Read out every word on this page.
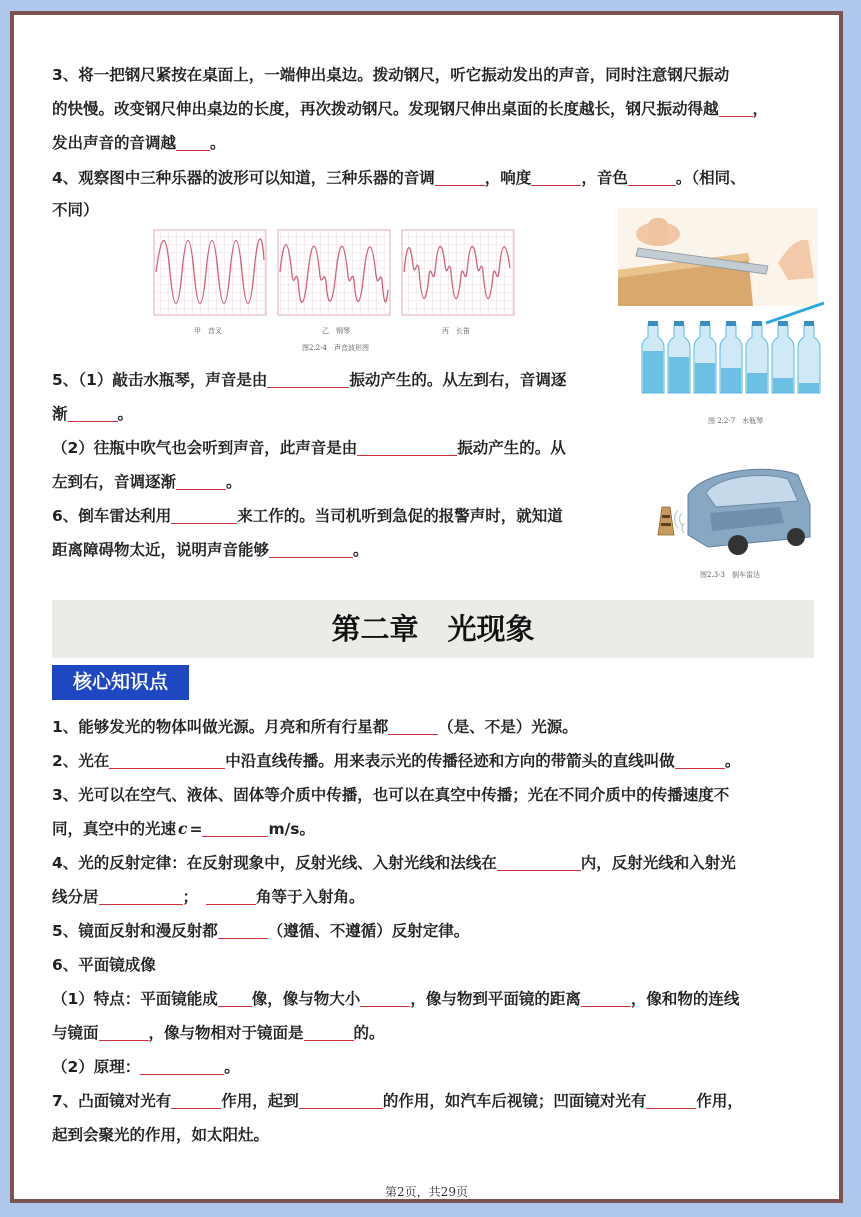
3、将一把钢尺紧按在桌面上，一端伸出桌边。拨动钢尺，听它振动发出的声音，同时注意钢尺振动
的快慢。改变钢尺伸出桌边的长度，再次拨动钢尺。发现钢尺伸出桌面的长度越长，钢尺振动得越 ，
发出声音的音调越 。
4、观察图中三种乐器的波形可以知道，三种乐器的音调	，响度	，音色	。（相同、
不同）
甲 音叉	乙 钢琴	丙 长笛
图2.2-4　声音波形图
图 2.2-7　水瓶琴
图2.3-3　倒车雷达
5、（1）敲击水瓶琴，声音是由	振动产生的。从左到右，音调逐
渐	。
（2）往瓶中吹气也会听到声音，此声音是由	振动产生的。从
左到右，音调逐渐	。
6、倒车雷达利用	来工作的。当司机听到急促的报警声时，就知道
距离障碍物太近，说明声音能够	。
第二章　光现象
核心知识点
1、能够发光的物体叫做光源。月亮和所有行星都	（是、不是）光源。
2、光在	中沿直线传播。用来表示光的传播径迹和方向的带箭头的直线叫做	。
3、光可以在空气、液体、固体等介质中传播，也可以在真空中传播；光在不同介质中的传播速度不
同，真空中的光速 c =	m/s。
4、光的反射定律：在反射现象中，反射光线、入射光线和法线在	内，反射光线和入射光
线分居	；	角等于入射角。
5、镜面反射和漫反射都	（遵循、不遵循）反射定律。
6、平面镜成像
（1）特点：平面镜能成 像，像与物大小	，像与物到平面镜的距离	，像和物的连线
与镜面	，像与物相对于镜面是	的。
（2）原理：	。
7、凸面镜对光有	作用，起到	的作用，如汽车后视镜；凹面镜对光有	作用，
起到会聚光的作用，如太阳灶。
第2页，共29页
